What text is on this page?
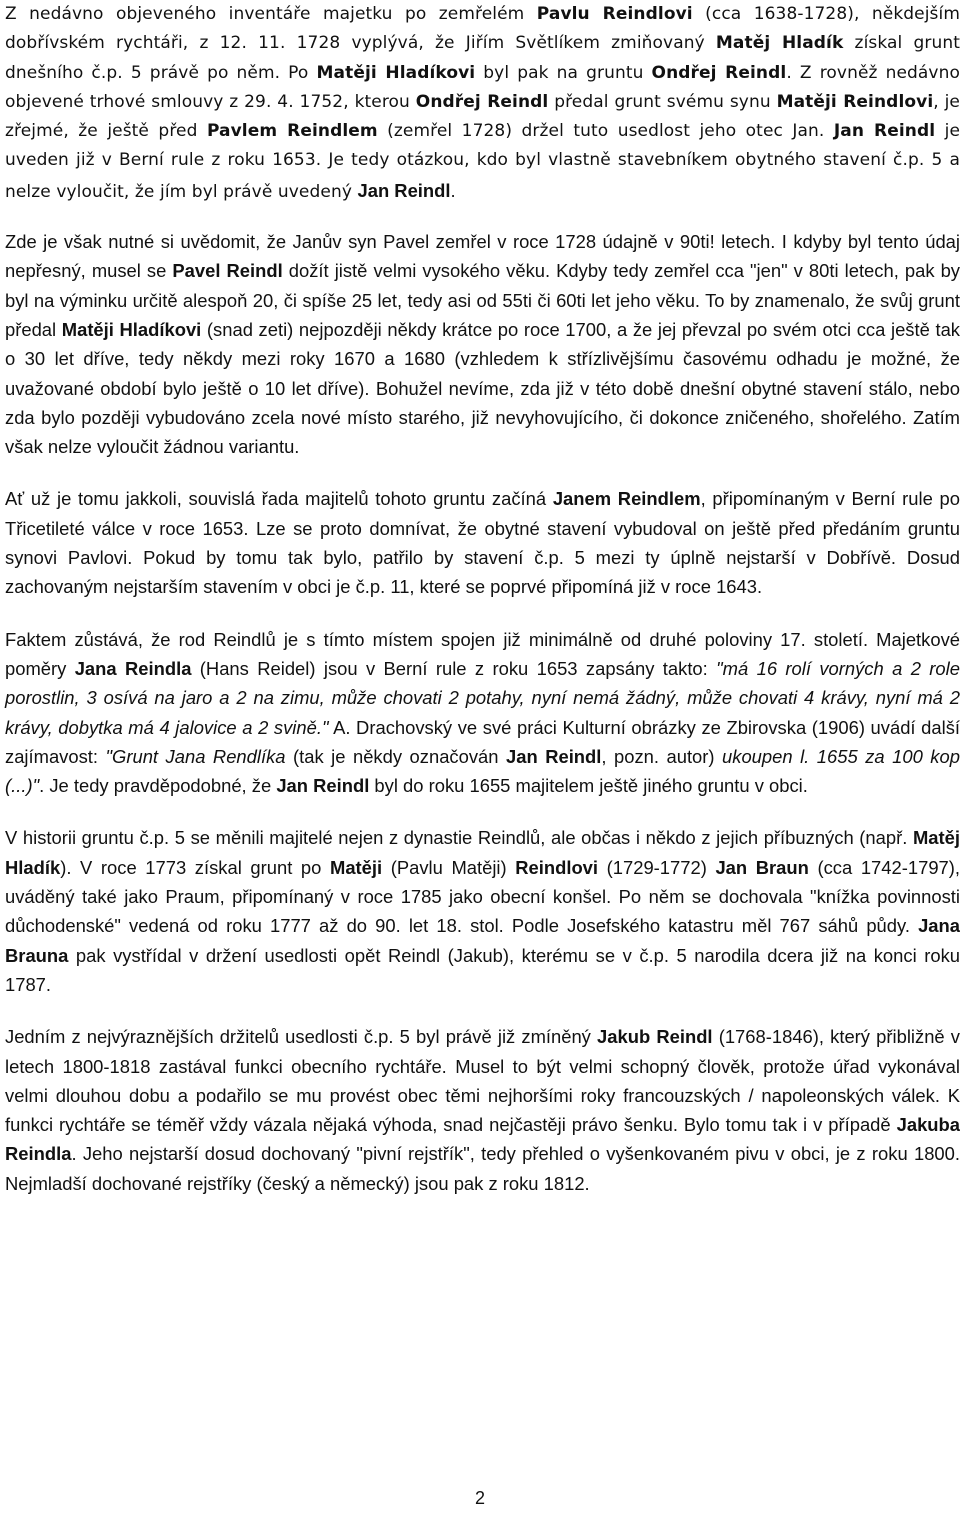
Z nedávno objeveného inventáře majetku po zemřelém Pavlu Reindlovi (cca 1638-1728), někdejším dobřívském rychtáři, z 12. 11. 1728 vyplývá, že Jiřím Světlíkem zmiňovaný Matěj Hladík získal grunt dnešního č.p. 5 právě po něm. Po Matěji Hladíkovi byl pak na gruntu Ondřej Reindl. Z rovněž nedávno objevené trhové smlouvy z 29. 4. 1752, kterou Ondřej Reindl předal grunt svému synu Matěji Reindlovi, je zřejmé, že ještě před Pavlem Reindlem (zemřel 1728) držel tuto usedlost jeho otec Jan. Jan Reindl je uveden již v Berní rule z roku 1653. Je tedy otázkou, kdo byl vlastně stavebníkem obytného stavení č.p. 5 a nelze vyloučit, že jím byl právě uvedený Jan Reindl.

Zde je však nutné si uvědomit, že Janův syn Pavel zemřel v roce 1728 údajně v 90ti! letech. I kdyby byl tento údaj nepřesný, musel se Pavel Reindl dožít jistě velmi vysokého věku. Kdyby tedy zemřel cca "jen" v 80ti letech, pak by byl na výminku určitě alespoň 20, či spíše 25 let, tedy asi od 55ti či 60ti let jeho věku. To by znamenalo, že svůj grunt předal Matěji Hladíkovi (snad zeti) nejpozději někdy krátce po roce 1700, a že jej převzal po svém otci cca ještě tak o 30 let dříve, tedy někdy mezi roky 1670 a 1680 (vzhledem k střízlivějšímu časovému odhadu je možné, že uvažované období bylo ještě o 10 let dříve). Bohužel nevíme, zda již v této době dnešní obytné stavení stálo, nebo zda bylo později vybudováno zcela nové místo starého, již nevyhovujícího, či dokonce zničeného, shořelého. Zatím však nelze vyloučit žádnou variantu.

Ať už je tomu jakkoli, souvislá řada majitelů tohoto gruntu začíná Janem Reindlem, připomínaným v Berní rule po Třicetileté válce v roce 1653. Lze se proto domnívat, že obytné stavení vybudoval on ještě před předáním gruntu synovi Pavlovi. Pokud by tomu tak bylo, patřilo by stavení č.p. 5 mezi ty úplně nejstarší v Dobřívě. Dosud zachovaným nejstarším stavením v obci je č.p. 11, které se poprvé připomíná již v roce 1643.

Faktem zůstává, že rod Reindlů je s tímto místem spojen již minimálně od druhé poloviny 17. století. Majetkové poměry Jana Reindla (Hans Reidel) jsou v Berní rule z roku 1653 zapsány takto: "má 16 rolí vorných a 2 role porostlin, 3 osívá na jaro a 2 na zimu, může chovati 2 potahy, nyní nemá žádný, může chovati 4 krávy, nyní má 2 krávy, dobytka má 4 jalovice a 2 svině." A. Drachovský ve své práci Kulturní obrázky ze Zbirovska (1906) uvádí další zajímavost: "Grunt Jana Rendlíka (tak je někdy označován Jan Reindl, pozn. autor) ukoupen l. 1655 za 100 kop (...)". Je tedy pravděpodobné, že Jan Reindl byl do roku 1655 majitelem ještě jiného gruntu v obci.

V historii gruntu č.p. 5 se měnili majitelé nejen z dynastie Reindlů, ale občas i někdo z jejich příbuzných (např. Matěj Hladík). V roce 1773 získal grunt po Matěji (Pavlu Matěji) Reindlovi (1729-1772) Jan Braun (cca 1742-1797), uváděný také jako Praum, připomínaný v roce 1785 jako obecní konšel. Po něm se dochovala "knížka povinnosti důchodenské" vedená od roku 1777 až do 90. let 18. stol. Podle Josefského katastru měl 767 sáhů půdy. Jana Brauna pak vystřídal v držení usedlosti opět Reindl (Jakub), kterému se v č.p. 5 narodila dcera již na konci roku 1787.

Jedním z nejvýraznějších držitelů usedlosti č.p. 5 byl právě již zmíněný Jakub Reindl (1768-1846), který přibližně v letech 1800-1818 zastával funkci obecního rychtáře. Musel to být velmi schopný člověk, protože úřad vykonával velmi dlouhou dobu a podařilo se mu provést obec těmi nejhoršími roky francouzských / napoleonských válek. K funkci rychtáře se téměř vždy vázala nějaká výhoda, snad nejčastěji právo šenku. Bylo tomu tak i v případě Jakuba Reindla. Jeho nejstarší dosud dochovaný "pivní rejstřík", tedy přehled o vyšenkovaném pivu v obci, je z roku 1800. Nejmladší dochované rejstříky (český a německý) jsou pak z roku 1812.

2
